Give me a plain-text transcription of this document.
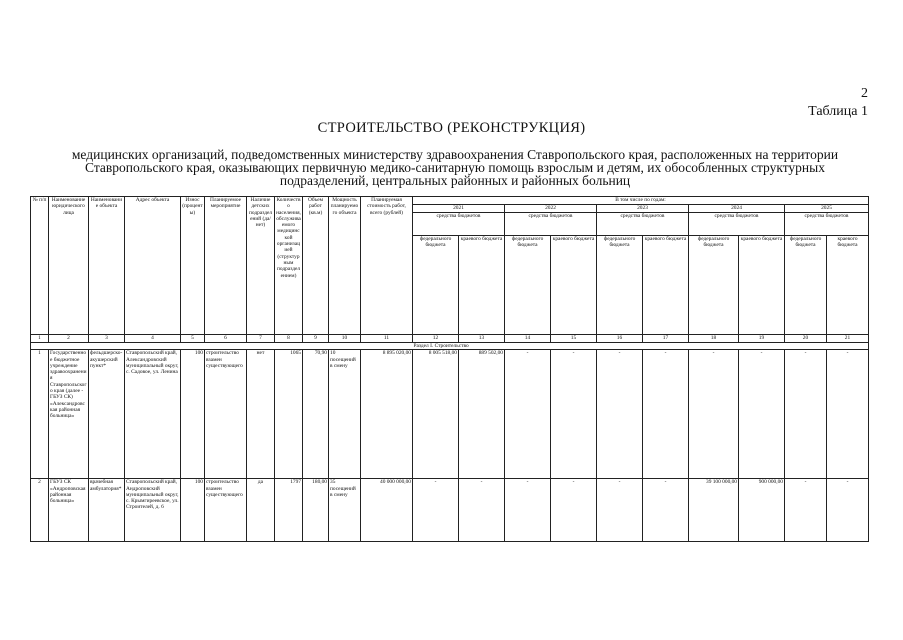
2
Таблица 1
СТРОИТЕЛЬСТВО (РЕКОНСТРУКЦИЯ)
медицинских организаций, подведомственных министерству здравоохранения Ставропольского края, расположенных на территории Ставропольского края, оказывающих первичную медико-санитарную помощь взрослым и детям, их обособленных структурных подразделений, центральных районных и районных больниц
№ п/п	Наименование юридического лица	Наименование объекта	Адрес объекта	Износ (проценты)	Планируемое мероприятие	Наличие детских подразделений (да/нет)	Количество населения, обслуживаемого медицинской организацией (структурным подразделением)	Объем работ (кв.м)	Мощность планируемого объекта	Планируемая стоимость работ, всего (рублей)	В том числе по годам:									
											2021		2022		2023		2024		2025	
											средства бюджетов		средства бюджетов		средства бюджетов		средства бюджетов		средства бюджетов	
											федерального бюджета	краевого бюджета	федерального бюджета	краевого бюджета	федерального бюджета	краевого бюджета	федерального бюджета	краевого бюджета	федерального бюджета	краевого бюджета
1	2	3	4	5	6	7	8	9	10	11	12	13	14	15	16	17	18	19	20	21
											Раздел I. Строительство									
1	Государственное бюджетное учреждение здравоохранения Ставропольского края (далее - ГБУЗ СК) «Александровская районная больница»	фельдшерско-акушерский пункт*	Ставропольский край, Александровский муниципальный округ, с. Садовое, ул. Ленина	100	строительство взамен существующего	нет	1065	70,90	10 посещений в смену	8 895 020,00	8 005 518,00	889 502,00	-	-	-	-	-	-	-	-
2	ГБУЗ СК «Андроповская районная больница»	врачебная амбулатория*	Ставропольский край, Андроповский муниципальный округ, с. Крымгиреевское, ул. Строителей, д. 6	100	строительство взамен существующего	да	1797	180,00	35 посещений в смену	40 000 000,00	-	-	-	-	-	-	39 100 000,00	900 000,00	-	-
